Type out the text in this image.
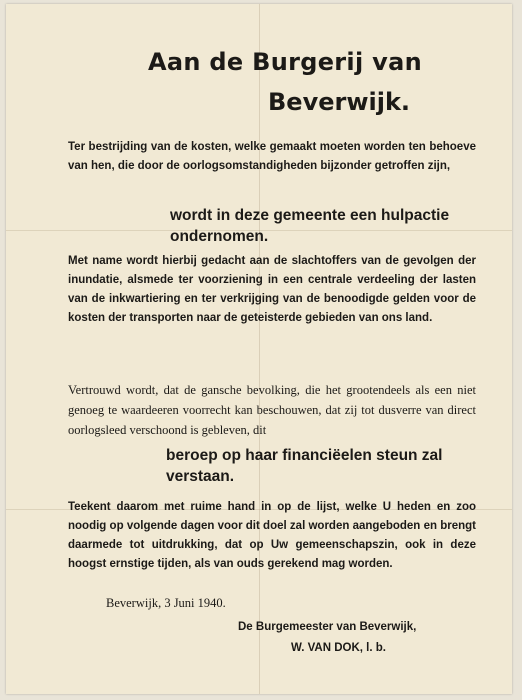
Aan de Burgerij van
Beverwijk.
Ter bestrijding van de kosten, welke gemaakt moeten worden ten behoeve van hen, die door de oorlogsomstandigheden bijzonder getroffen zijn,
wordt in deze gemeente een hulpactie ondernomen.
Met name wordt hierbij gedacht aan de slachtoffers van de gevolgen der inundatie, alsmede ter voorziening in een centrale verdeeling der lasten van de inkwartiering en ter verkrijging van de benoodigde gelden voor de kosten der transporten naar de geteisterde gebieden van ons land.
Vertrouwd wordt, dat de gansche bevolking, die het grootendeels als een niet genoeg te waardeeren voorrecht kan beschouwen, dat zij tot dusverre van direct oorlogsleed verschoond is gebleven, dit
beroep op haar financiëelen steun zal verstaan.
Teekent daarom met ruime hand in op de lijst, welke U heden en zoo noodig op volgende dagen voor dit doel zal worden aangeboden en brengt daarmede tot uitdrukking, dat op Uw gemeenschapszin, ook in deze hoogst ernstige tijden, als van ouds gerekend mag worden.
Beverwijk, 3 Juni 1940.
De Burgemeester van Beverwijk,
W. VAN DOK, l. b.
